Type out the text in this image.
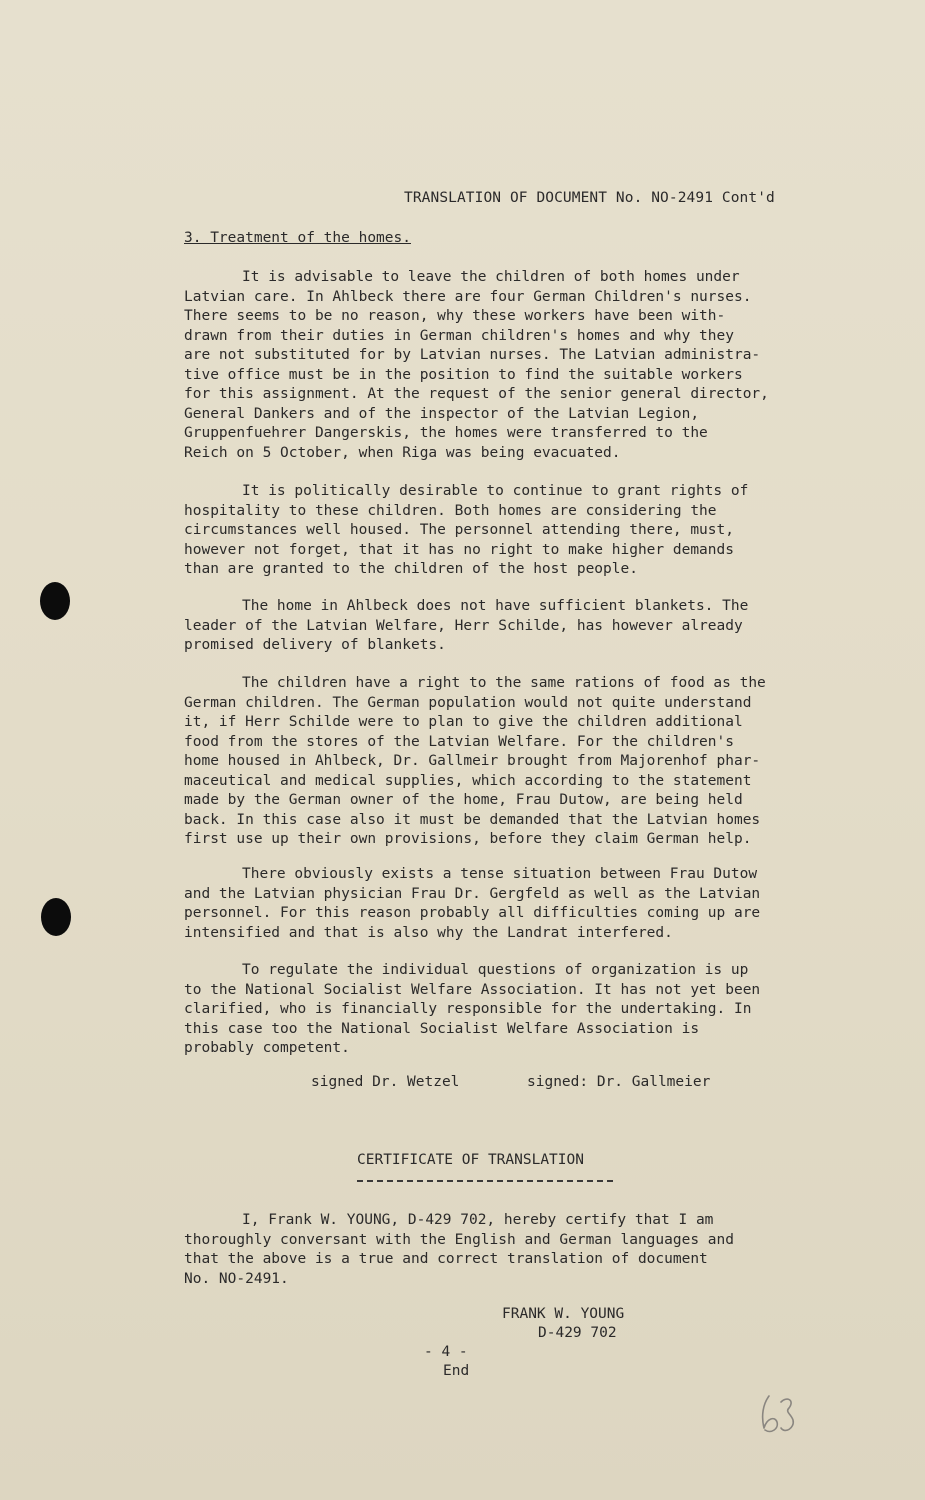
TRANSLATION OF DOCUMENT No. NO-2491 Cont'd
3. Treatment of the homes.
It is advisable to leave the children of both homes under
Latvian care. In Ahlbeck there are four German Children's nurses.
There seems to be no reason, why these workers have been with-
drawn from their duties in German children's homes and why they
are not substituted for by Latvian nurses. The Latvian administra-
tive office must be in the position to find the suitable workers
for this assignment. At the request of the senior general director,
General Dankers and of the inspector of the Latvian Legion,
Gruppenfuehrer Dangerskis, the homes were transferred to the
Reich on 5 October, when Riga was being evacuated.
It is politically desirable to continue to grant rights of
hospitality to these children. Both homes are considering the
circumstances well housed. The personnel attending there, must,
however not forget, that it has no right to make higher demands
than are granted to the children of the host people.
The home in Ahlbeck does not have sufficient blankets. The
leader of the Latvian Welfare, Herr Schilde, has however already
promised delivery of blankets.
The children have a right to the same rations of food as the
German children. The German population would not quite understand
it, if Herr Schilde were to plan to give the children additional
food from the stores of the Latvian Welfare. For the children's
home housed in Ahlbeck, Dr. Gallmeir brought from Majorenhof phar-
maceutical and medical supplies, which according to the statement
made by the German owner of the home, Frau Dutow, are being held
back. In this case also it must be demanded that the Latvian homes
first use up their own provisions, before they claim German help.
There obviously exists a tense situation between Frau Dutow
and the Latvian physician Frau Dr. Gergfeld as well as the Latvian
personnel. For this reason probably all difficulties coming up are
intensified and that is also why the Landrat interfered.
To regulate the individual questions of organization is up
to the National Socialist Welfare Association. It has not yet been
clarified, who is financially responsible for the undertaking. In
this case too the National Socialist Welfare Association is
probably competent.
signed Dr. Wetzel	signed: Dr. Gallmeier
CERTIFICATE OF TRANSLATION
I, Frank W. YOUNG, D-429 702, hereby certify that I am
thoroughly conversant with the English and German languages and
that the above is a true and correct translation of document
No. NO-2491.
FRANK W. YOUNG
D-429 702
- 4 -
End
